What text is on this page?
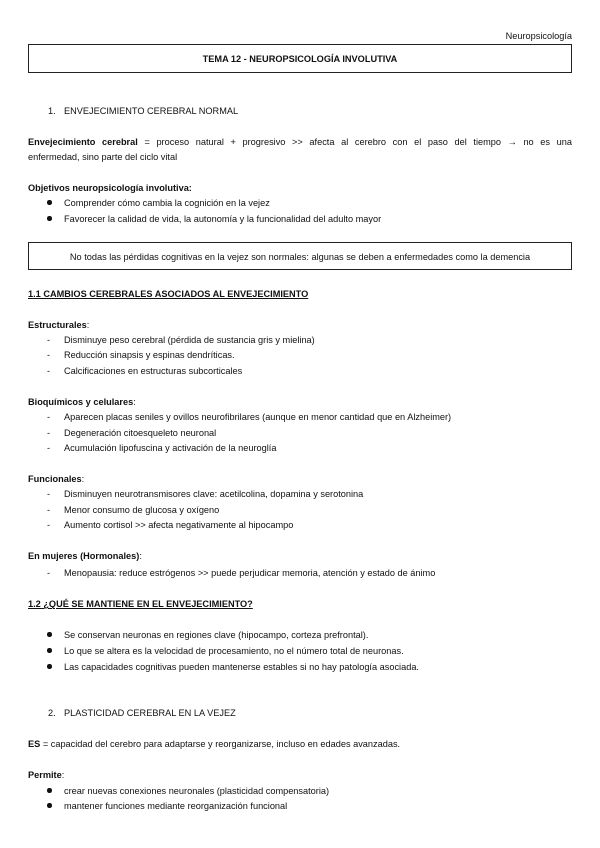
Neuropsicología
TEMA 12 - NEUROPSICOLOGÍA INVOLUTIVA
1. ENVEJECIMIENTO CEREBRAL NORMAL
Envejecimiento cerebral = proceso natural + progresivo >> afecta al cerebro con el paso del tiempo → no es una
enfermedad, sino parte del ciclo vital
Objetivos neuropsicología involutiva:
Comprender cómo cambia la cognición en la vejez
Favorecer la calidad de vida, la autonomía y la funcionalidad del adulto mayor
No todas las pérdidas cognitivas en la vejez son normales: algunas se deben a enfermedades como la demencia
1.1 CAMBIOS CEREBRALES ASOCIADOS AL ENVEJECIMIENTO
Estructurales:
- Disminuye peso cerebral (pérdida de sustancia gris y mielina)
- Reducción sinapsis y espinas dendríticas.
- Calcificaciones en estructuras subcorticales
Bioquímicos y celulares:
- Aparecen placas seniles y ovillos neurofibrilares (aunque en menor cantidad que en Alzheimer)
- Degeneración citoesqueleto neuronal
- Acumulación lipofuscina y activación de la neuroglía
Funcionales:
- Disminuyen neurotransmisores clave: acetilcolina, dopamina y serotonina
- Menor consumo de glucosa y oxígeno
- Aumento cortisol >> afecta negativamente al hipocampo
En mujeres (Hormonales):
- Menopausia: reduce estrógenos >> puede perjudicar memoria, atención y estado de ánimo
1.2 ¿QUÉ SE MANTIENE EN EL ENVEJECIMIENTO?
Se conservan neuronas en regiones clave (hipocampo, corteza prefrontal).
Lo que se altera es la velocidad de procesamiento, no el número total de neuronas.
Las capacidades cognitivas pueden mantenerse estables si no hay patología asociada.
2. PLASTICIDAD CEREBRAL EN LA VEJEZ
ES = capacidad del cerebro para adaptarse y reorganizarse, incluso en edades avanzadas.
Permite:
crear nuevas conexiones neuronales (plasticidad compensatoria)
mantener funciones mediante reorganización funcional
